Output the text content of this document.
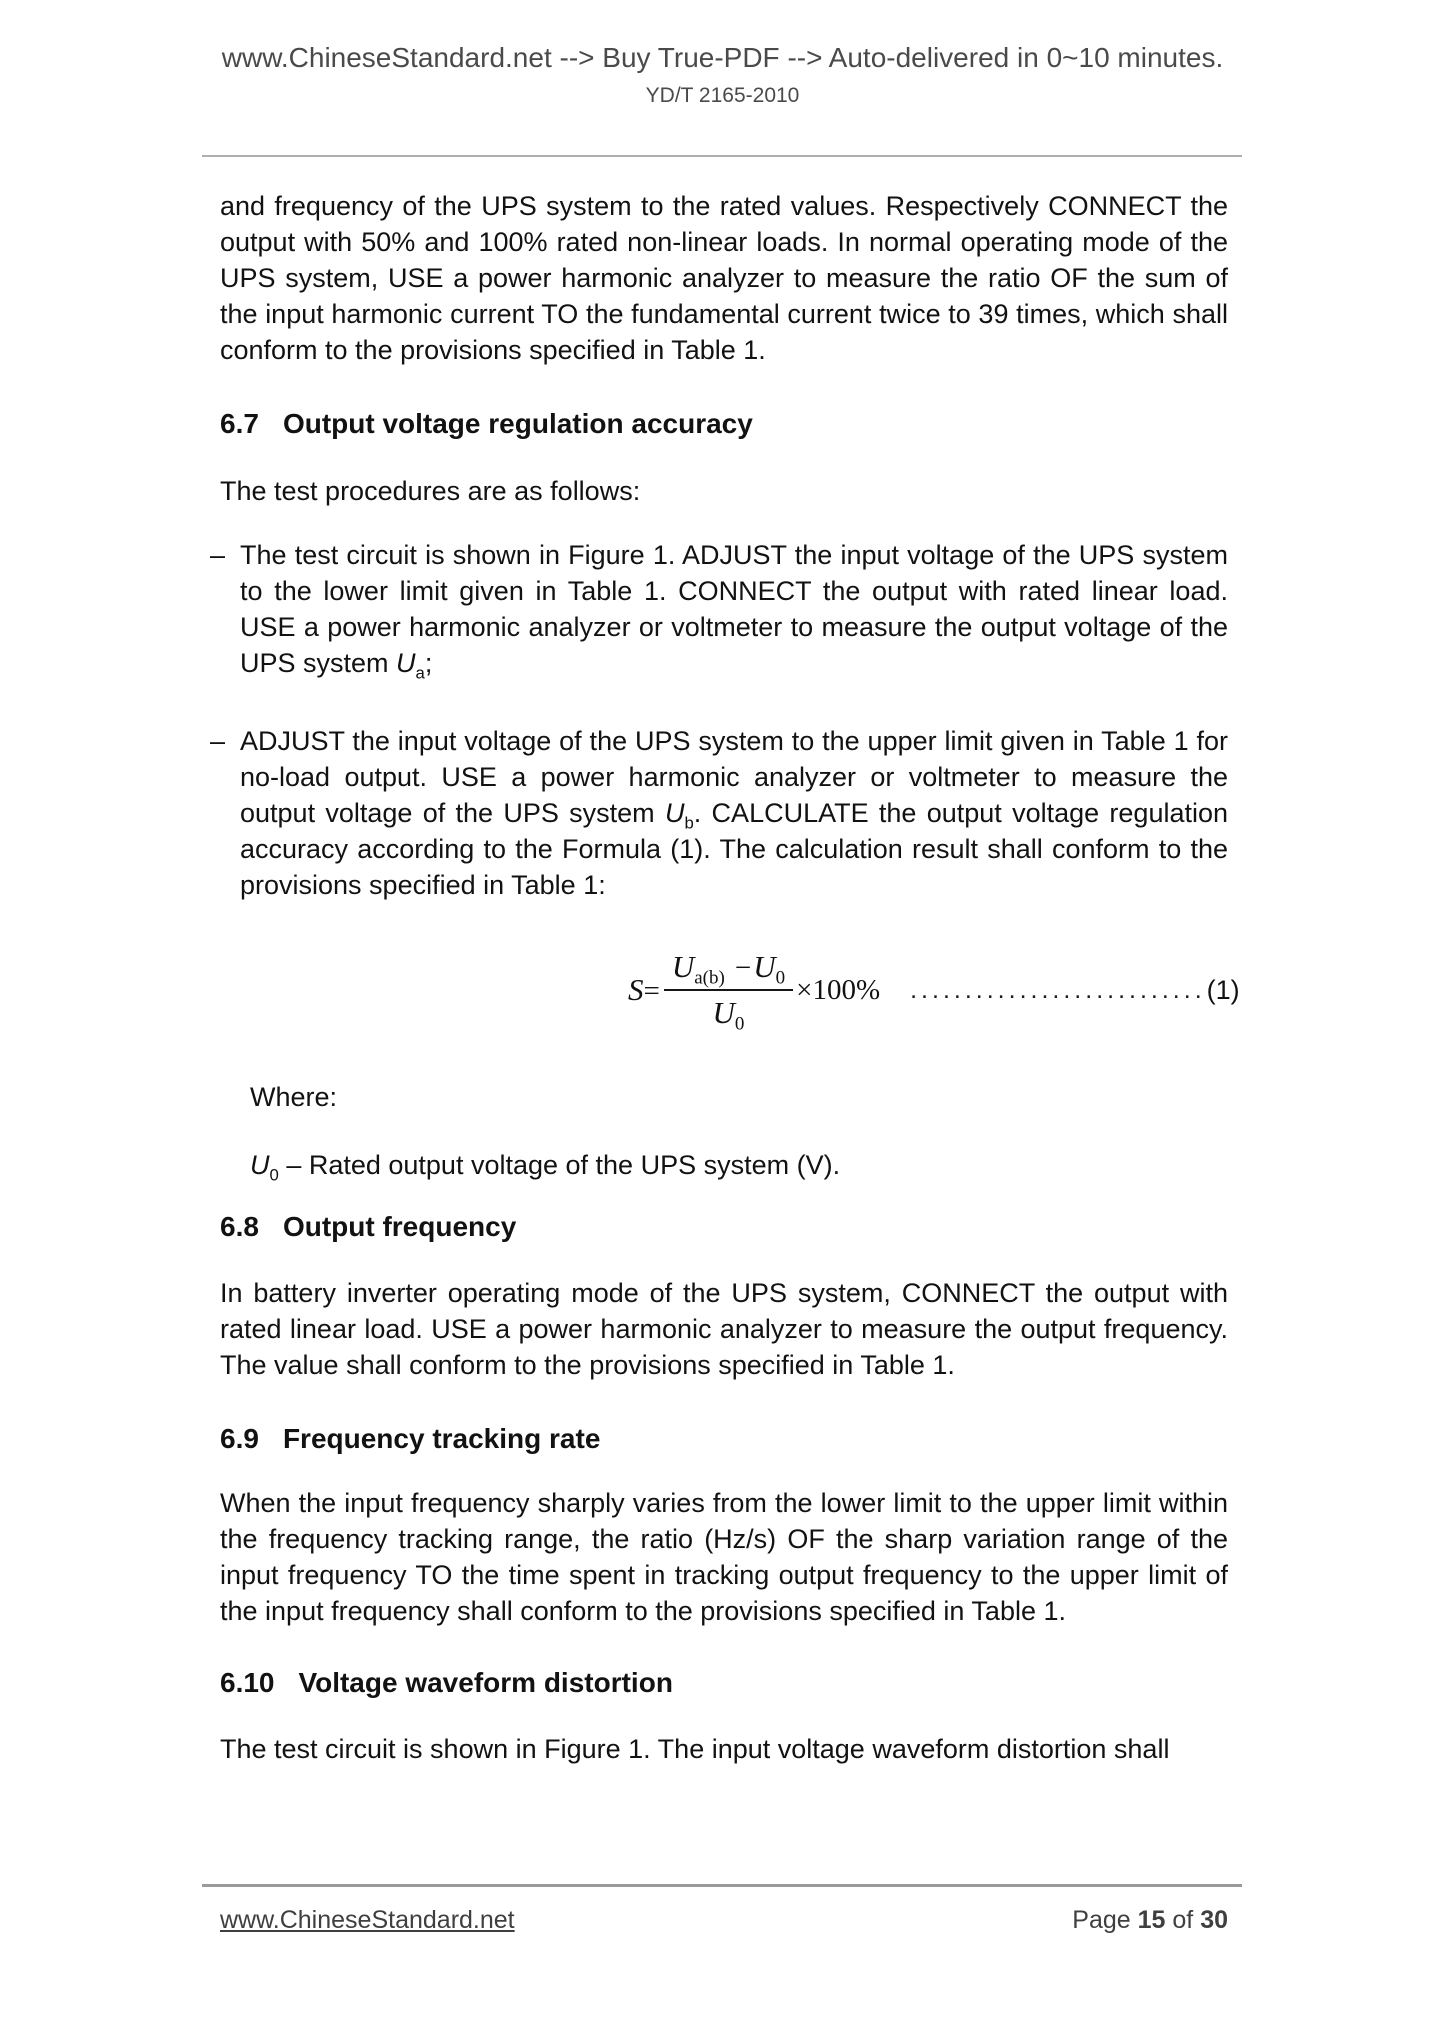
www.ChineseStandard.net --> Buy True-PDF --> Auto-delivered in 0~10 minutes.
YD/T 2165-2010

and frequency of the UPS system to the rated values. Respectively CONNECT the output with 50% and 100% rated non-linear loads. In normal operating mode of the UPS system, USE a power harmonic analyzer to measure the ratio OF the sum of the input harmonic current TO the fundamental current twice to 39 times, which shall conform to the provisions specified in Table 1.

6.7 Output voltage regulation accuracy

The test procedures are as follows:

– The test circuit is shown in Figure 1. ADJUST the input voltage of the UPS system to the lower limit given in Table 1. CONNECT the output with rated linear load. USE a power harmonic analyzer or voltmeter to measure the output voltage of the UPS system $U_a$;
– ADJUST the input voltage of the UPS system to the upper limit given in Table 1 for no-load output. USE a power harmonic analyzer or voltmeter to measure the output voltage of the UPS system $U_b$. CALCULATE the output voltage regulation accuracy according to the Formula (1). The calculation result shall conform to the provisions specified in Table 1:
$S= \frac{U_{a(b)} -U_0}{U_0} \times 100\%$ ........................... (1)

Where:

$U_0$ – Rated output voltage of the UPS system (V).

6.8 Output frequency

In battery inverter operating mode of the UPS system, CONNECT the output with rated linear load. USE a power harmonic analyzer to measure the output frequency. The value shall conform to the provisions specified in Table 1.

6.9 Frequency tracking rate

When the input frequency sharply varies from the lower limit to the upper limit within the frequency tracking range, the ratio (Hz/s) OF the sharp variation range of the input frequency TO the time spent in tracking output frequency to the upper limit of the input frequency shall conform to the provisions specified in Table 1.

6.10 Voltage waveform distortion

The test circuit is shown in Figure 1. The input voltage waveform distortion shall

www.ChineseStandard.net	Page 15 of 30
